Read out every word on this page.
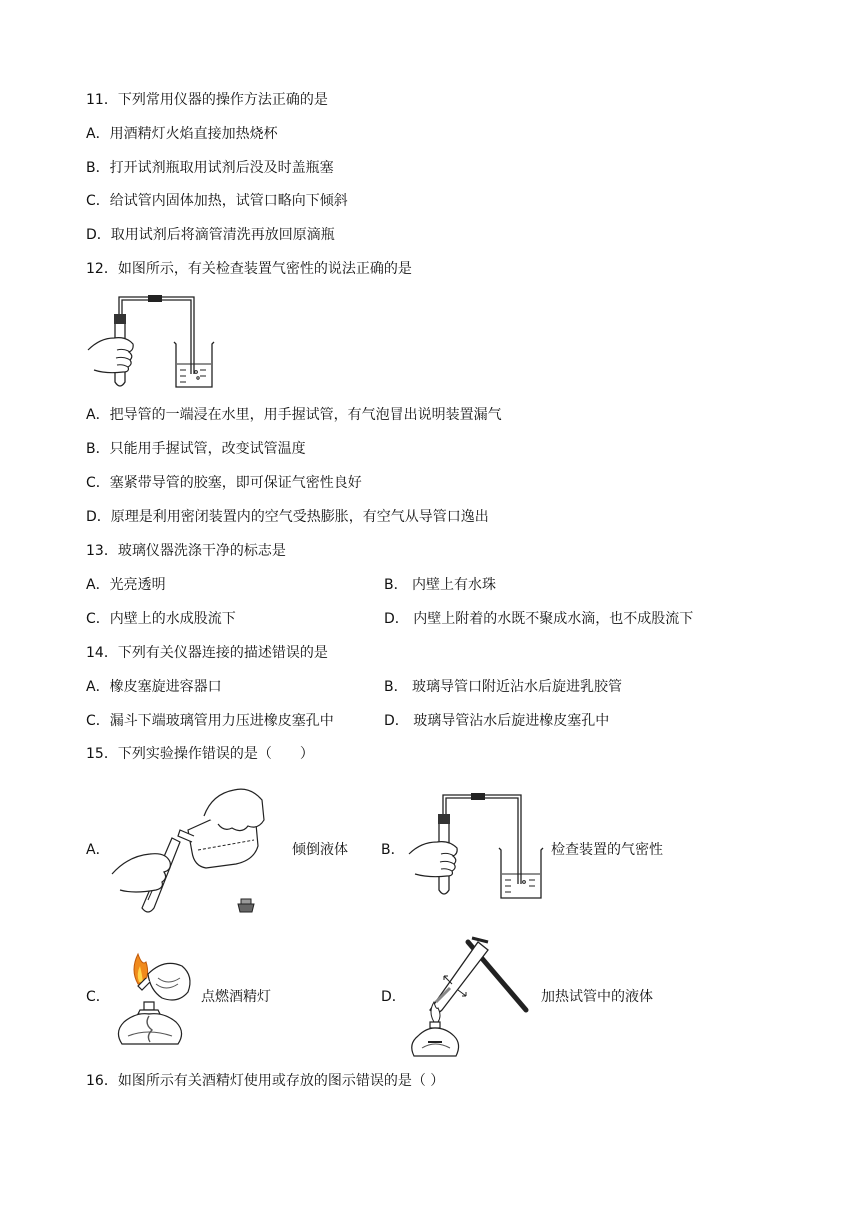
11．下列常用仪器的操作方法正确的是
A．用酒精灯火焰直接加热烧杯
B．打开试剂瓶取用试剂后没及时盖瓶塞
C．给试管内固体加热，试管口略向下倾斜
D．取用试剂后将滴管清洗再放回原滴瓶
12．如图所示，有关检查装置气密性的说法正确的是
A．把导管的一端浸在水里，用手握试管，有气泡冒出说明装置漏气
B．只能用手握试管，改变试管温度
C．塞紧带导管的胶塞，即可保证气密性良好
D．原理是利用密闭装置内的空气受热膨胀，有空气从导管口逸出
13．玻璃仪器洗涤干净的标志是
A．光亮透明	B． 内壁上有水珠
C．内壁上的水成股流下	D． 内壁上附着的水既不聚成水滴，也不成股流下
14．下列有关仪器连接的描述错误的是
A．橡皮塞旋进容器口	B． 玻璃导管口附近沾水后旋进乳胶管
C．漏斗下端玻璃管用力压进橡皮塞孔中	D． 玻璃导管沾水后旋进橡皮塞孔中
15．下列实验操作错误的是（　　）
A．	倾倒液体 B．	检查装置的气密性
C．	点燃酒精灯	D．	加热试管中的液体
16．如图所示有关酒精灯使用或存放的图示错误的是（ ）
